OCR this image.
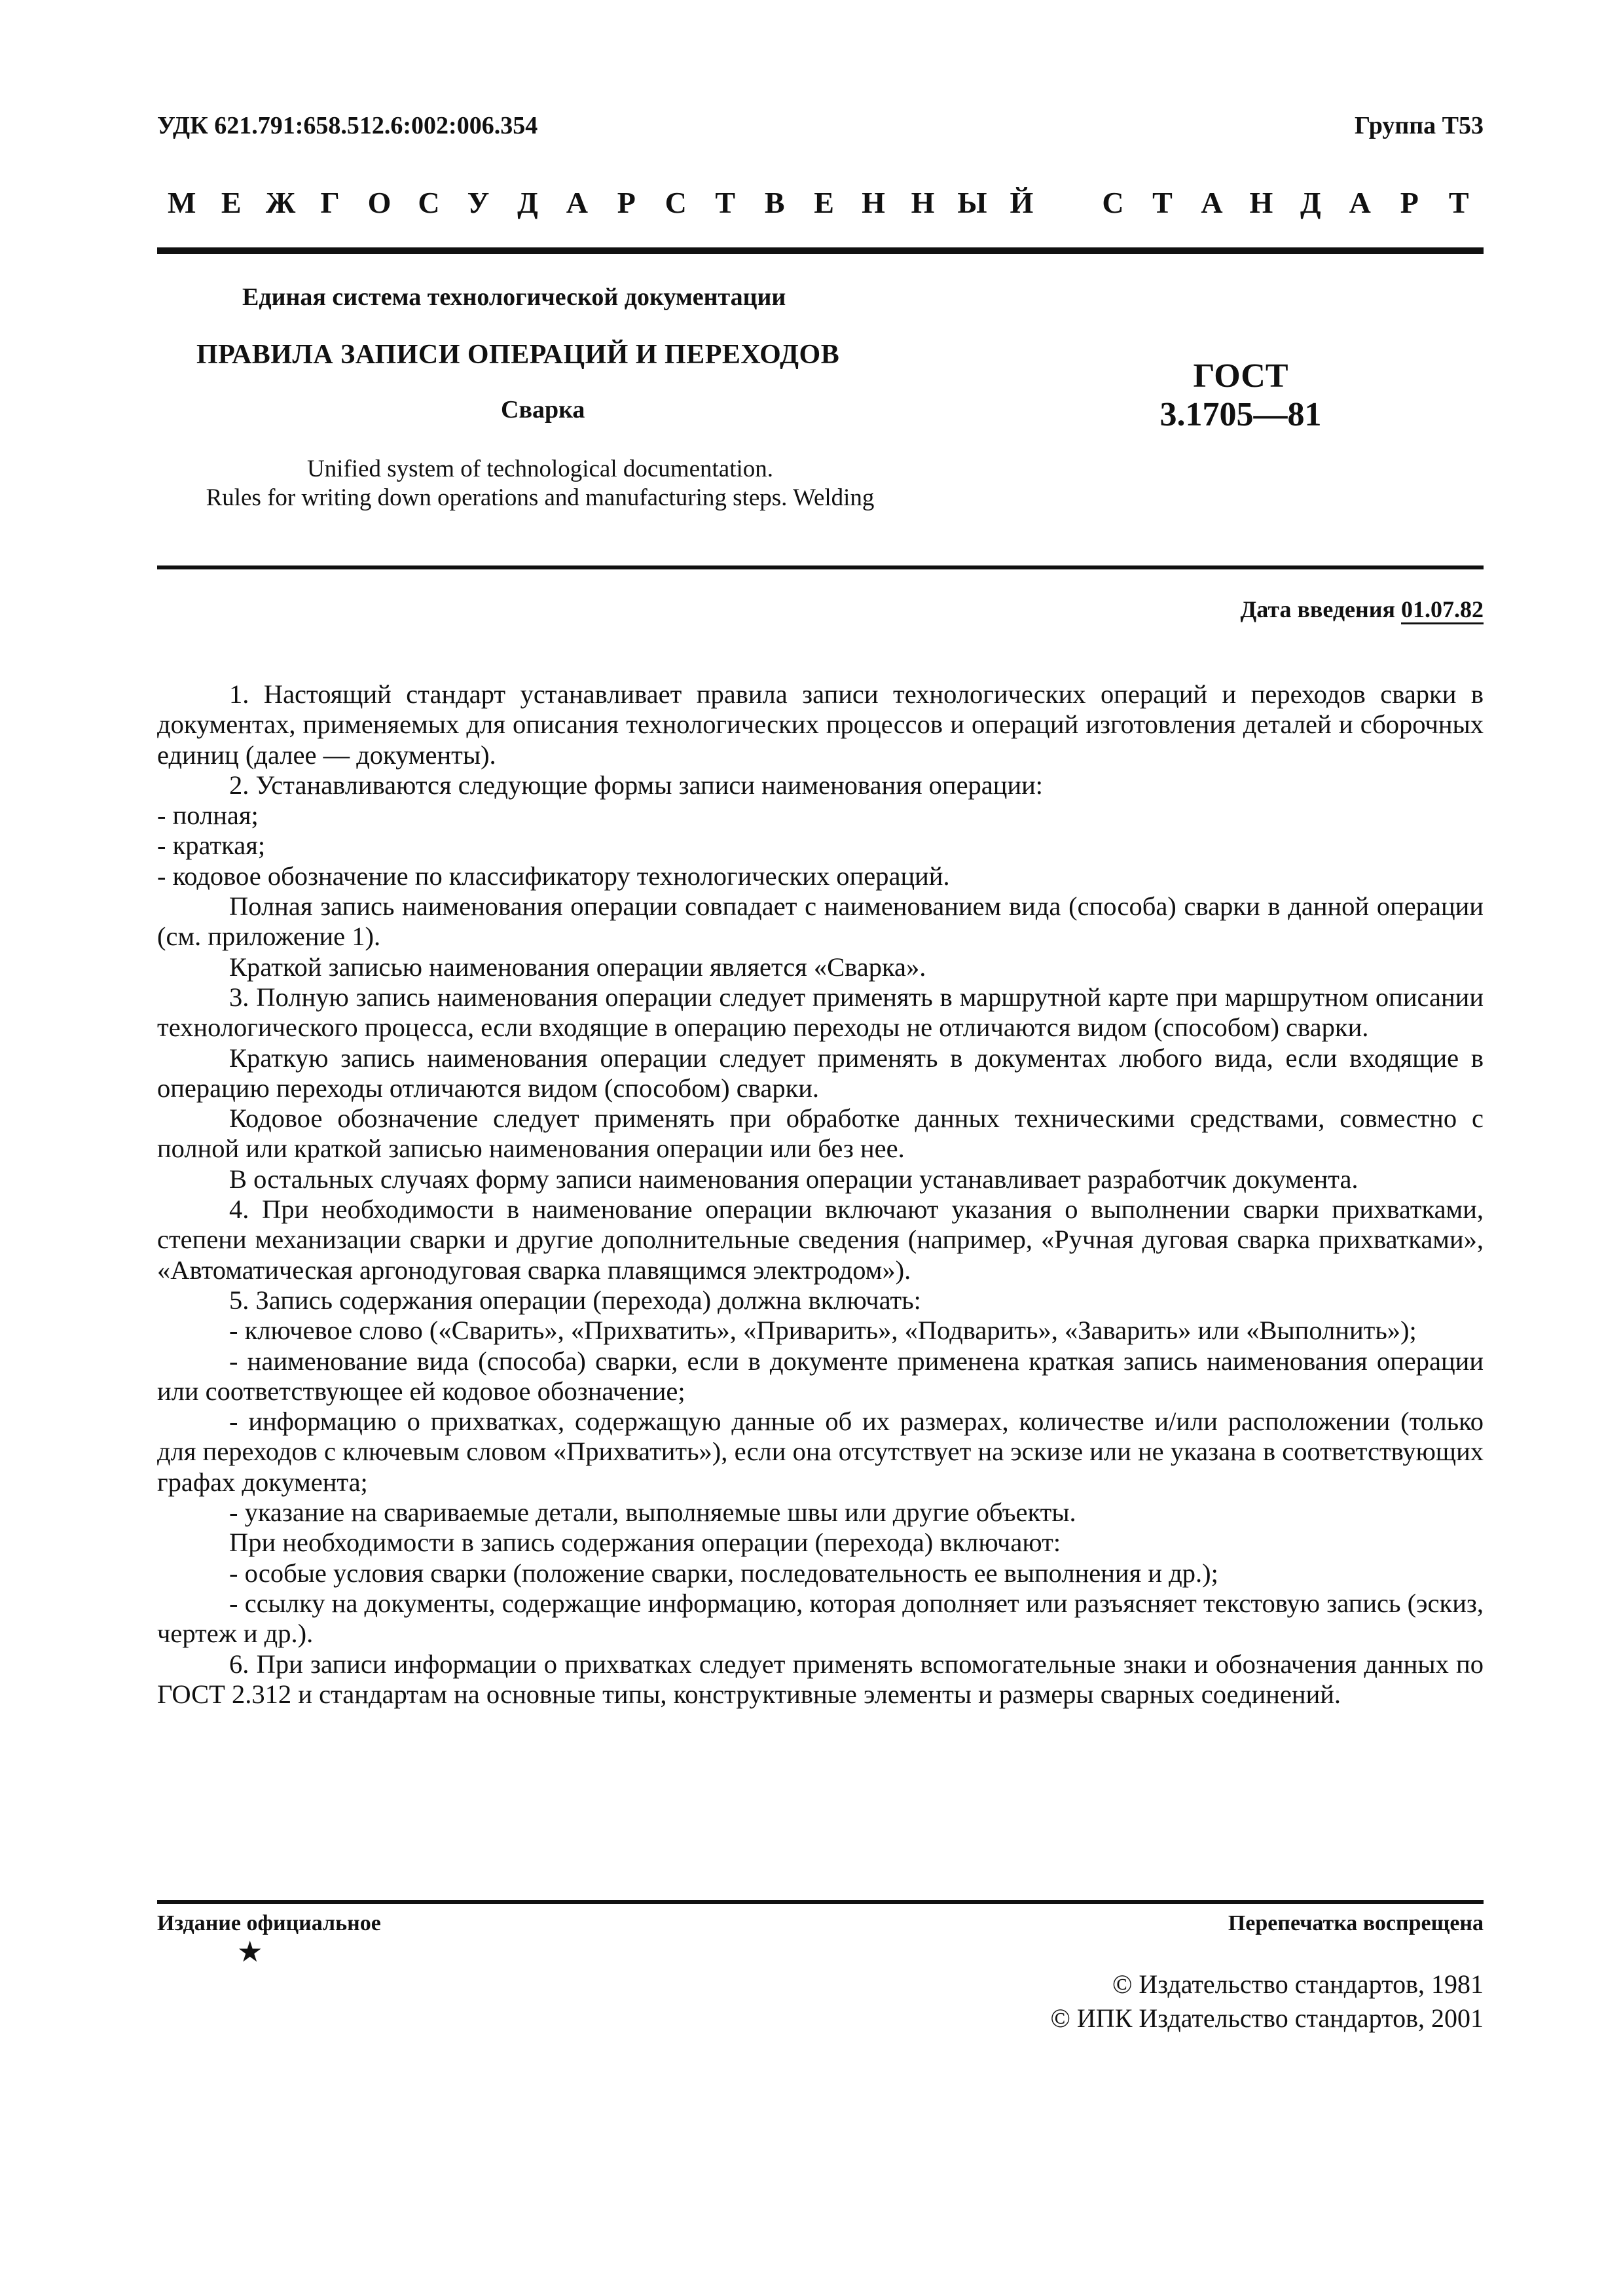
УДК 621.791:658.512.6:002:006.354	Группа Т53
М Е Ж Г О С У Д А Р С Т В Е Н Н Ы Й	С Т А Н Д А Р	Т
Единая система технологической документации
ПРАВИЛА ЗАПИСИ ОПЕРАЦИЙ И ПЕРЕХОДОВ
Сварка
ГОСТ
3.1705—81
Unified system of technological documentation.
Rules for writing down operations and manufacturing steps. Welding
Дата введения 01.07.82

1. Настоящий стандарт устанавливает правила записи технологических операций и переходов сварки в документах, применяемых для описания технологических процессов и операций изготовления деталей и сборочных единиц (далее — документы).

2. Устанавливаются следующие формы записи наименования операции:

- полная;

- краткая;

- кодовое обозначение по классификатору технологических операций.

Полная запись наименования операции совпадает с наименованием вида (способа) сварки в данной операции (см. приложение 1).

Краткой записью наименования операции является «Сварка».

3. Полную запись наименования операции следует применять в маршрутной карте при маршрутном описании технологического процесса, если входящие в операцию переходы не отличаются видом (способом) сварки.

Краткую запись наименования операции следует применять в документах любого вида, если входящие в операцию переходы отличаются видом (способом) сварки.

Кодовое обозначение следует применять при обработке данных техническими средствами, совместно с полной или краткой записью наименования операции или без нее.

В остальных случаях форму записи наименования операции устанавливает разработчик документа.

4. При необходимости в наименование операции включают указания о выполнении сварки прихватками, степени механизации сварки и другие дополнительные сведения (например, «Ручная дуговая сварка прихватками», «Автоматическая аргонодуговая сварка плавящимся электродом»).

5. Запись содержания операции (перехода) должна включать:

- ключевое слово («Сварить», «Прихватить», «Приварить», «Подварить», «Заварить» или «Выполнить»);

- наименование вида (способа) сварки, если в документе применена краткая запись наименования операции или соответствующее ей кодовое обозначение;

- информацию о прихватках, содержащую данные об их размерах, количестве и/или расположении (только для переходов с ключевым словом «Прихватить»), если она отсутствует на эскизе или не указана в соответствующих графах документа;

- указание на свариваемые детали, выполняемые швы или другие объекты.

При необходимости в запись содержания операции (перехода) включают:

- особые условия сварки (положение сварки, последовательность ее выполнения и др.);

- ссылку на документы, содержащие информацию, которая дополняет или разъясняет текстовую запись (эскиз, чертеж и др.).

6. При записи информации о прихватках следует применять вспомогательные знаки и обозначения данных по ГОСТ 2.312 и стандартам на основные типы, конструктивные элементы и размеры сварных соединений.

Издание официальное
★
Перепечатка воспрещена
© Издательство стандартов, 1981
© ИПК Издательство стандартов, 2001
